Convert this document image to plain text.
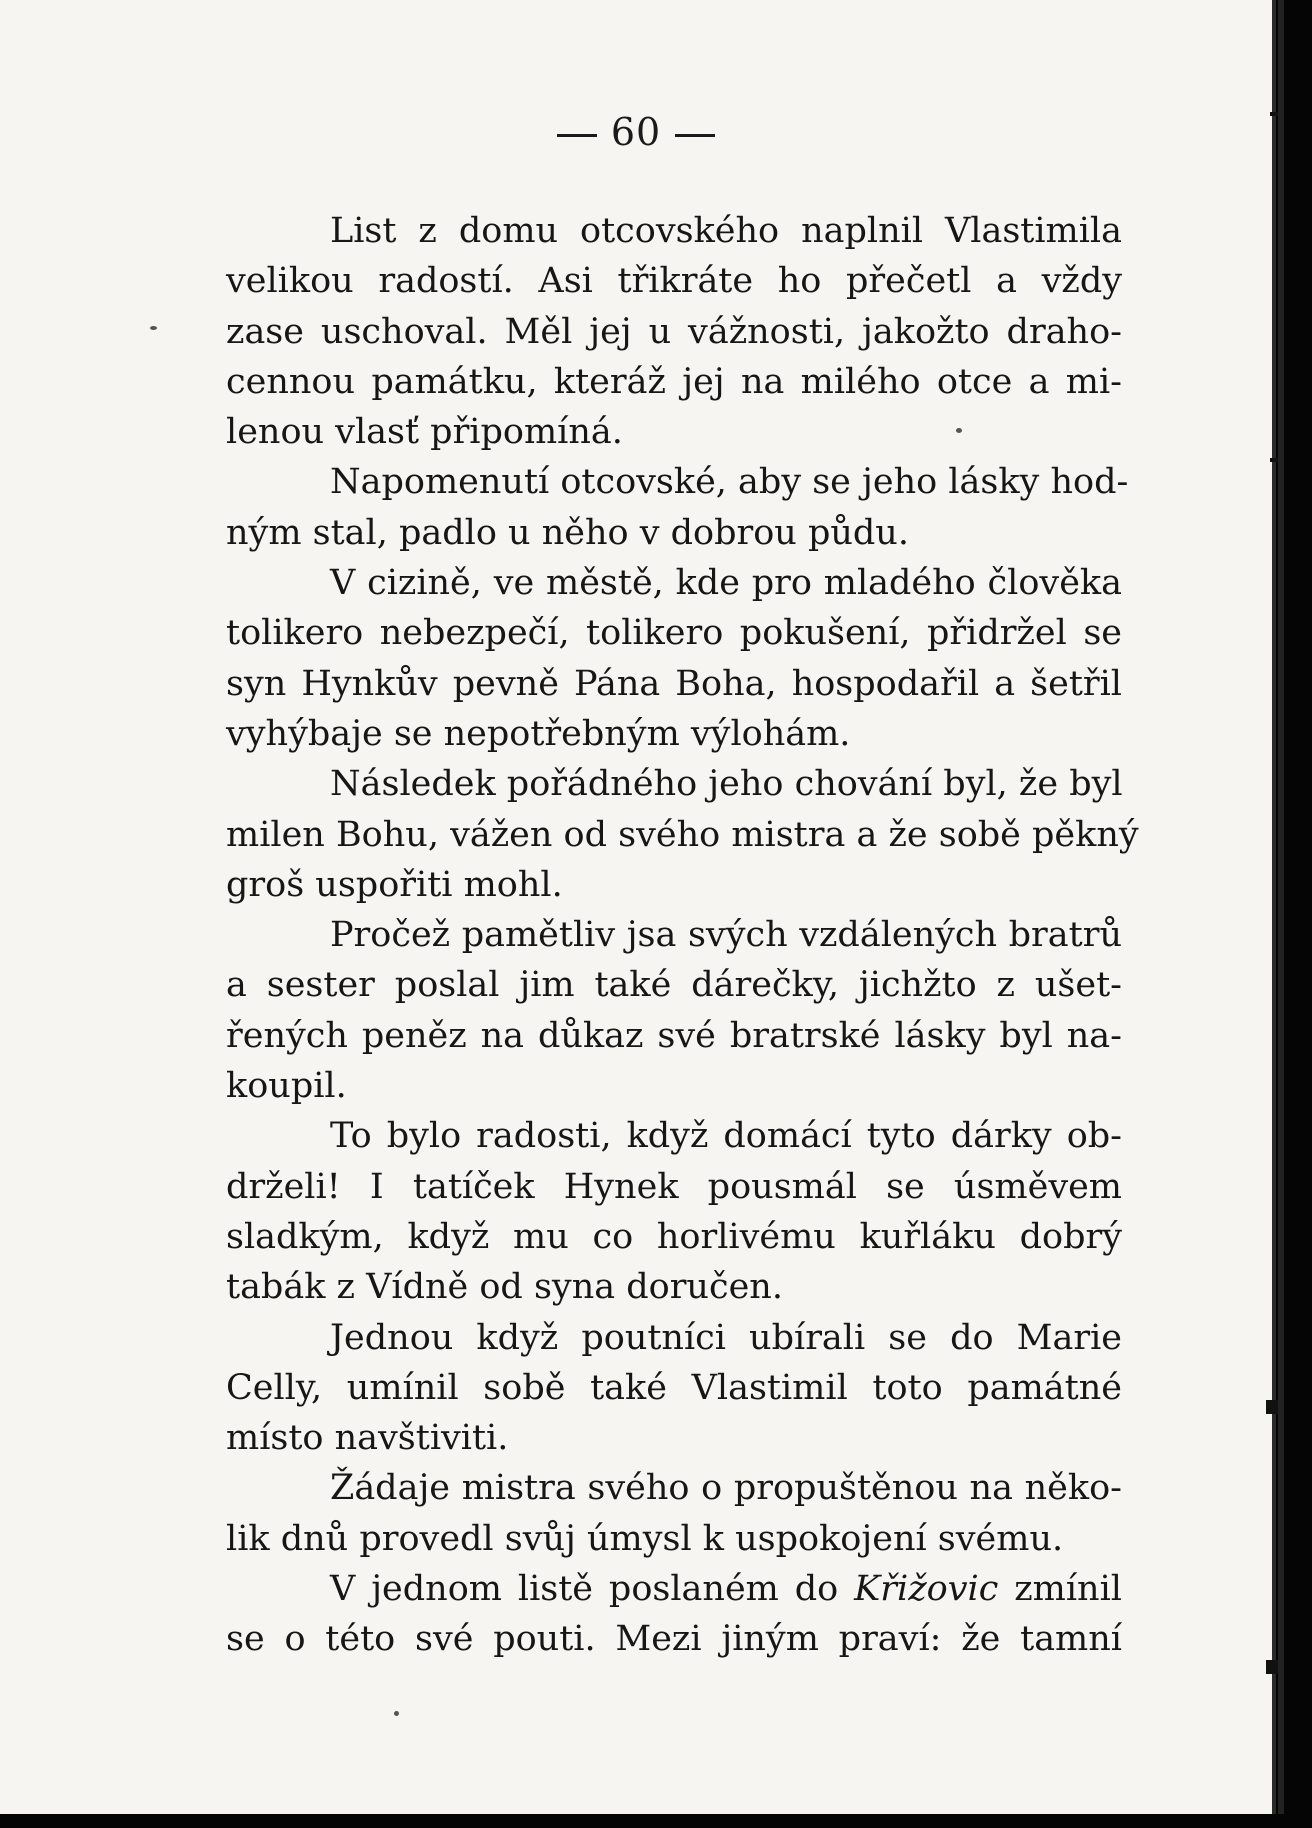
60
List z domu otcovského naplnil Vlastimila
velikou radostí. Asi třikráte ho přečetl a vždy
zase uschoval. Měl jej u vážnosti, jakožto draho-
cennou památku, kteráž jej na milého otce a mi-
lenou vlasť připomíná.
Napomenutí otcovské, aby se jeho lásky hod-
ným stal, padlo u něho v dobrou půdu.
V cizině, ve městě, kde pro mladého člověka
tolikero nebezpečí, tolikero pokušení, přidržel se
syn Hynkův pevně Pána Boha, hospodařil a šetřil
vyhýbaje se nepotřebným výlohám.
Následek pořádného jeho chování byl, že byl
milen Bohu, vážen od svého mistra a že sobě pěkný
groš uspořiti mohl.
Pročež pamětliv jsa svých vzdálených bratrů
a sester poslal jim také dárečky, jichžto z ušet-
řených peněz na důkaz své bratrské lásky byl na-
koupil.
To bylo radosti, když domácí tyto dárky ob-
drželi! I tatíček Hynek pousmál se úsměvem
sladkým, když mu co horlivému kuřláku dobrý
tabák z Vídně od syna doručen.
Jednou když poutníci ubírali se do Marie
Celly, umínil sobě také Vlastimil toto památné
místo navštiviti.
Žádaje mistra svého o propuštěnou na něko-
lik dnů provedl svůj úmysl k uspokojení svému.
V jednom listě poslaném do Křižovic zmínil
se o této své pouti. Mezi jiným praví: že tamní
